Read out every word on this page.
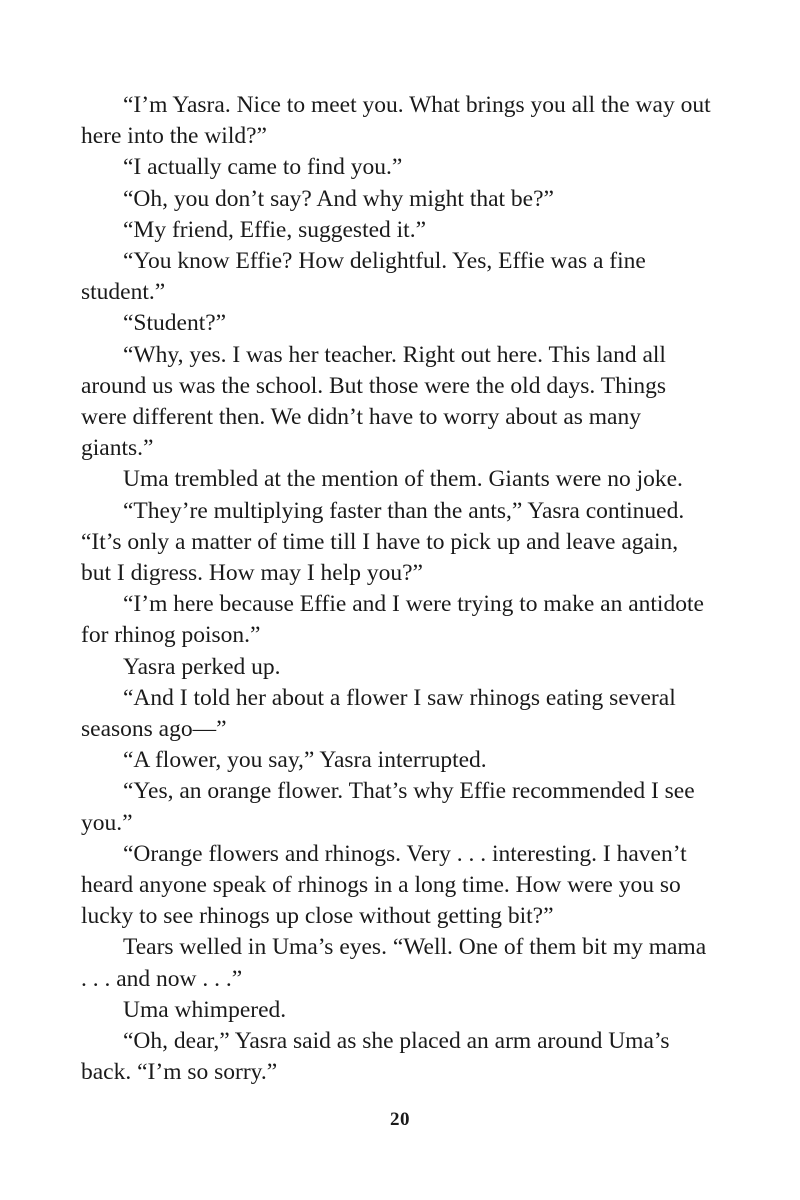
“I’m Yasra. Nice to meet you. What brings you all the way out here into the wild?”

“I actually came to find you.”

“Oh, you don’t say? And why might that be?”

“My friend, Effie, suggested it.”

“You know Effie? How delightful. Yes, Effie was a fine student.”

“Student?”

“Why, yes. I was her teacher. Right out here. This land all around us was the school. But those were the old days. Things were different then. We didn’t have to worry about as many giants.”

Uma trembled at the mention of them. Giants were no joke.

“They’re multiplying faster than the ants,” Yasra continued. “It’s only a matter of time till I have to pick up and leave again, but I digress. How may I help you?”

“I’m here because Effie and I were trying to make an antidote for rhinog poison.”

Yasra perked up.

“And I told her about a flower I saw rhinogs eating several seasons ago—”

“A flower, you say,” Yasra interrupted.

“Yes, an orange flower. That’s why Effie recommended I see you.”

“Orange flowers and rhinogs. Very . . . interesting. I haven’t heard anyone speak of rhinogs in a long time. How were you so lucky to see rhinogs up close without getting bit?”

Tears welled in Uma’s eyes. “Well. One of them bit my mama . . . and now . . .”

Uma whimpered.

“Oh, dear,” Yasra said as she placed an arm around Uma’s back. “I’m so sorry.”

20
